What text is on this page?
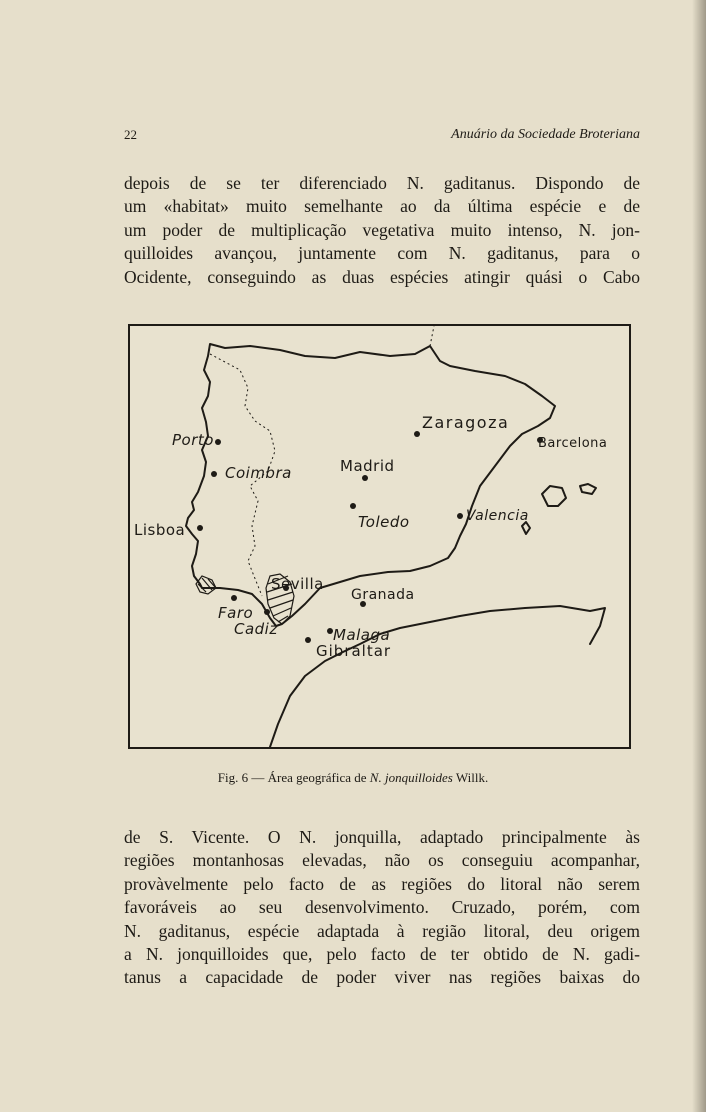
22	Anuário da Sociedade Broteriana
depois de se ter diferenciado N. gaditanus. Dispondo de
um «habitat» muito semelhante ao da última espécie e de
um poder de multiplicação vegetativa muito intenso, N. jon-
quilloides avançou, juntamente com N. gaditanus, para o
Ocidente, conseguindo as duas espécies atingir quási o Cabo
Porto
Coimbra
Lisboa
Faro
Cadiz
Sevilla
Madrid
Toledo
Zaragoza
Barcelona
Valencia
Granada
Malaga
Gibraltar
Fig. 6 — Área geográfica de N. jonquilloides Willk.
de S. Vicente. O N. jonquilla, adaptado principalmente às
regiões montanhosas elevadas, não os conseguiu acompanhar,
provàvelmente pelo facto de as regiões do litoral não serem
favoráveis ao seu desenvolvimento. Cruzado, porém, com
N. gaditanus, espécie adaptada à região litoral, deu origem
a N. jonquilloides que, pelo facto de ter obtido de N. gadi-
tanus a capacidade de poder viver nas regiões baixas do
